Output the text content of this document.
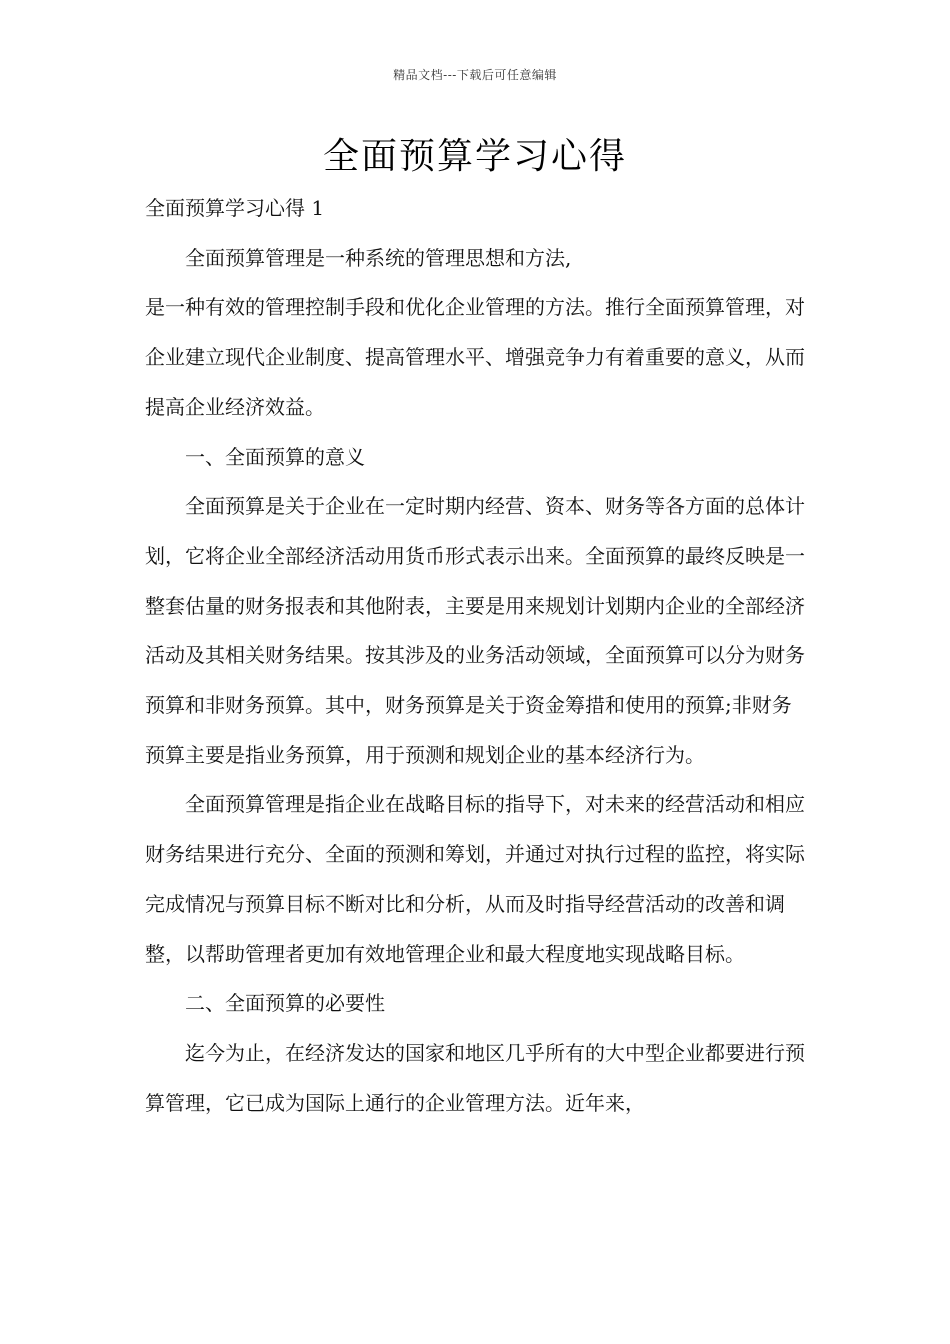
精品文档---下载后可任意编辑
全面预算学习心得

全面预算学习心得 1

全面预算管理是一种系统的管理思想和方法,

是一种有效的管理控制手段和优化企业管理的方法。推行全面预算管理，对企业建立现代企业制度、提高管理水平、增强竞争力有着重要的意义，从而提高企业经济效益。

一、全面预算的意义

全面预算是关于企业在一定时期内经营、资本、财务等各方面的总体计划，它将企业全部经济活动用货币形式表示出来。全面预算的最终反映是一整套估量的财务报表和其他附表，主要是用来规划计划期内企业的全部经济活动及其相关财务结果。按其涉及的业务活动领域，全面预算可以分为财务预算和非财务预算。其中，财务预算是关于资金筹措和使用的预算;非财务预算主要是指业务预算，用于预测和规划企业的基本经济行为。

全面预算管理是指企业在战略目标的指导下，对未来的经营活动和相应财务结果进行充分、全面的预测和筹划，并通过对执行过程的监控，将实际完成情况与预算目标不断对比和分析，从而及时指导经营活动的改善和调整，以帮助管理者更加有效地管理企业和最大程度地实现战略目标。

二、全面预算的必要性

迄今为止，在经济发达的国家和地区几乎所有的大中型企业都要进行预算管理，它已成为国际上通行的企业管理方法。近年来，
